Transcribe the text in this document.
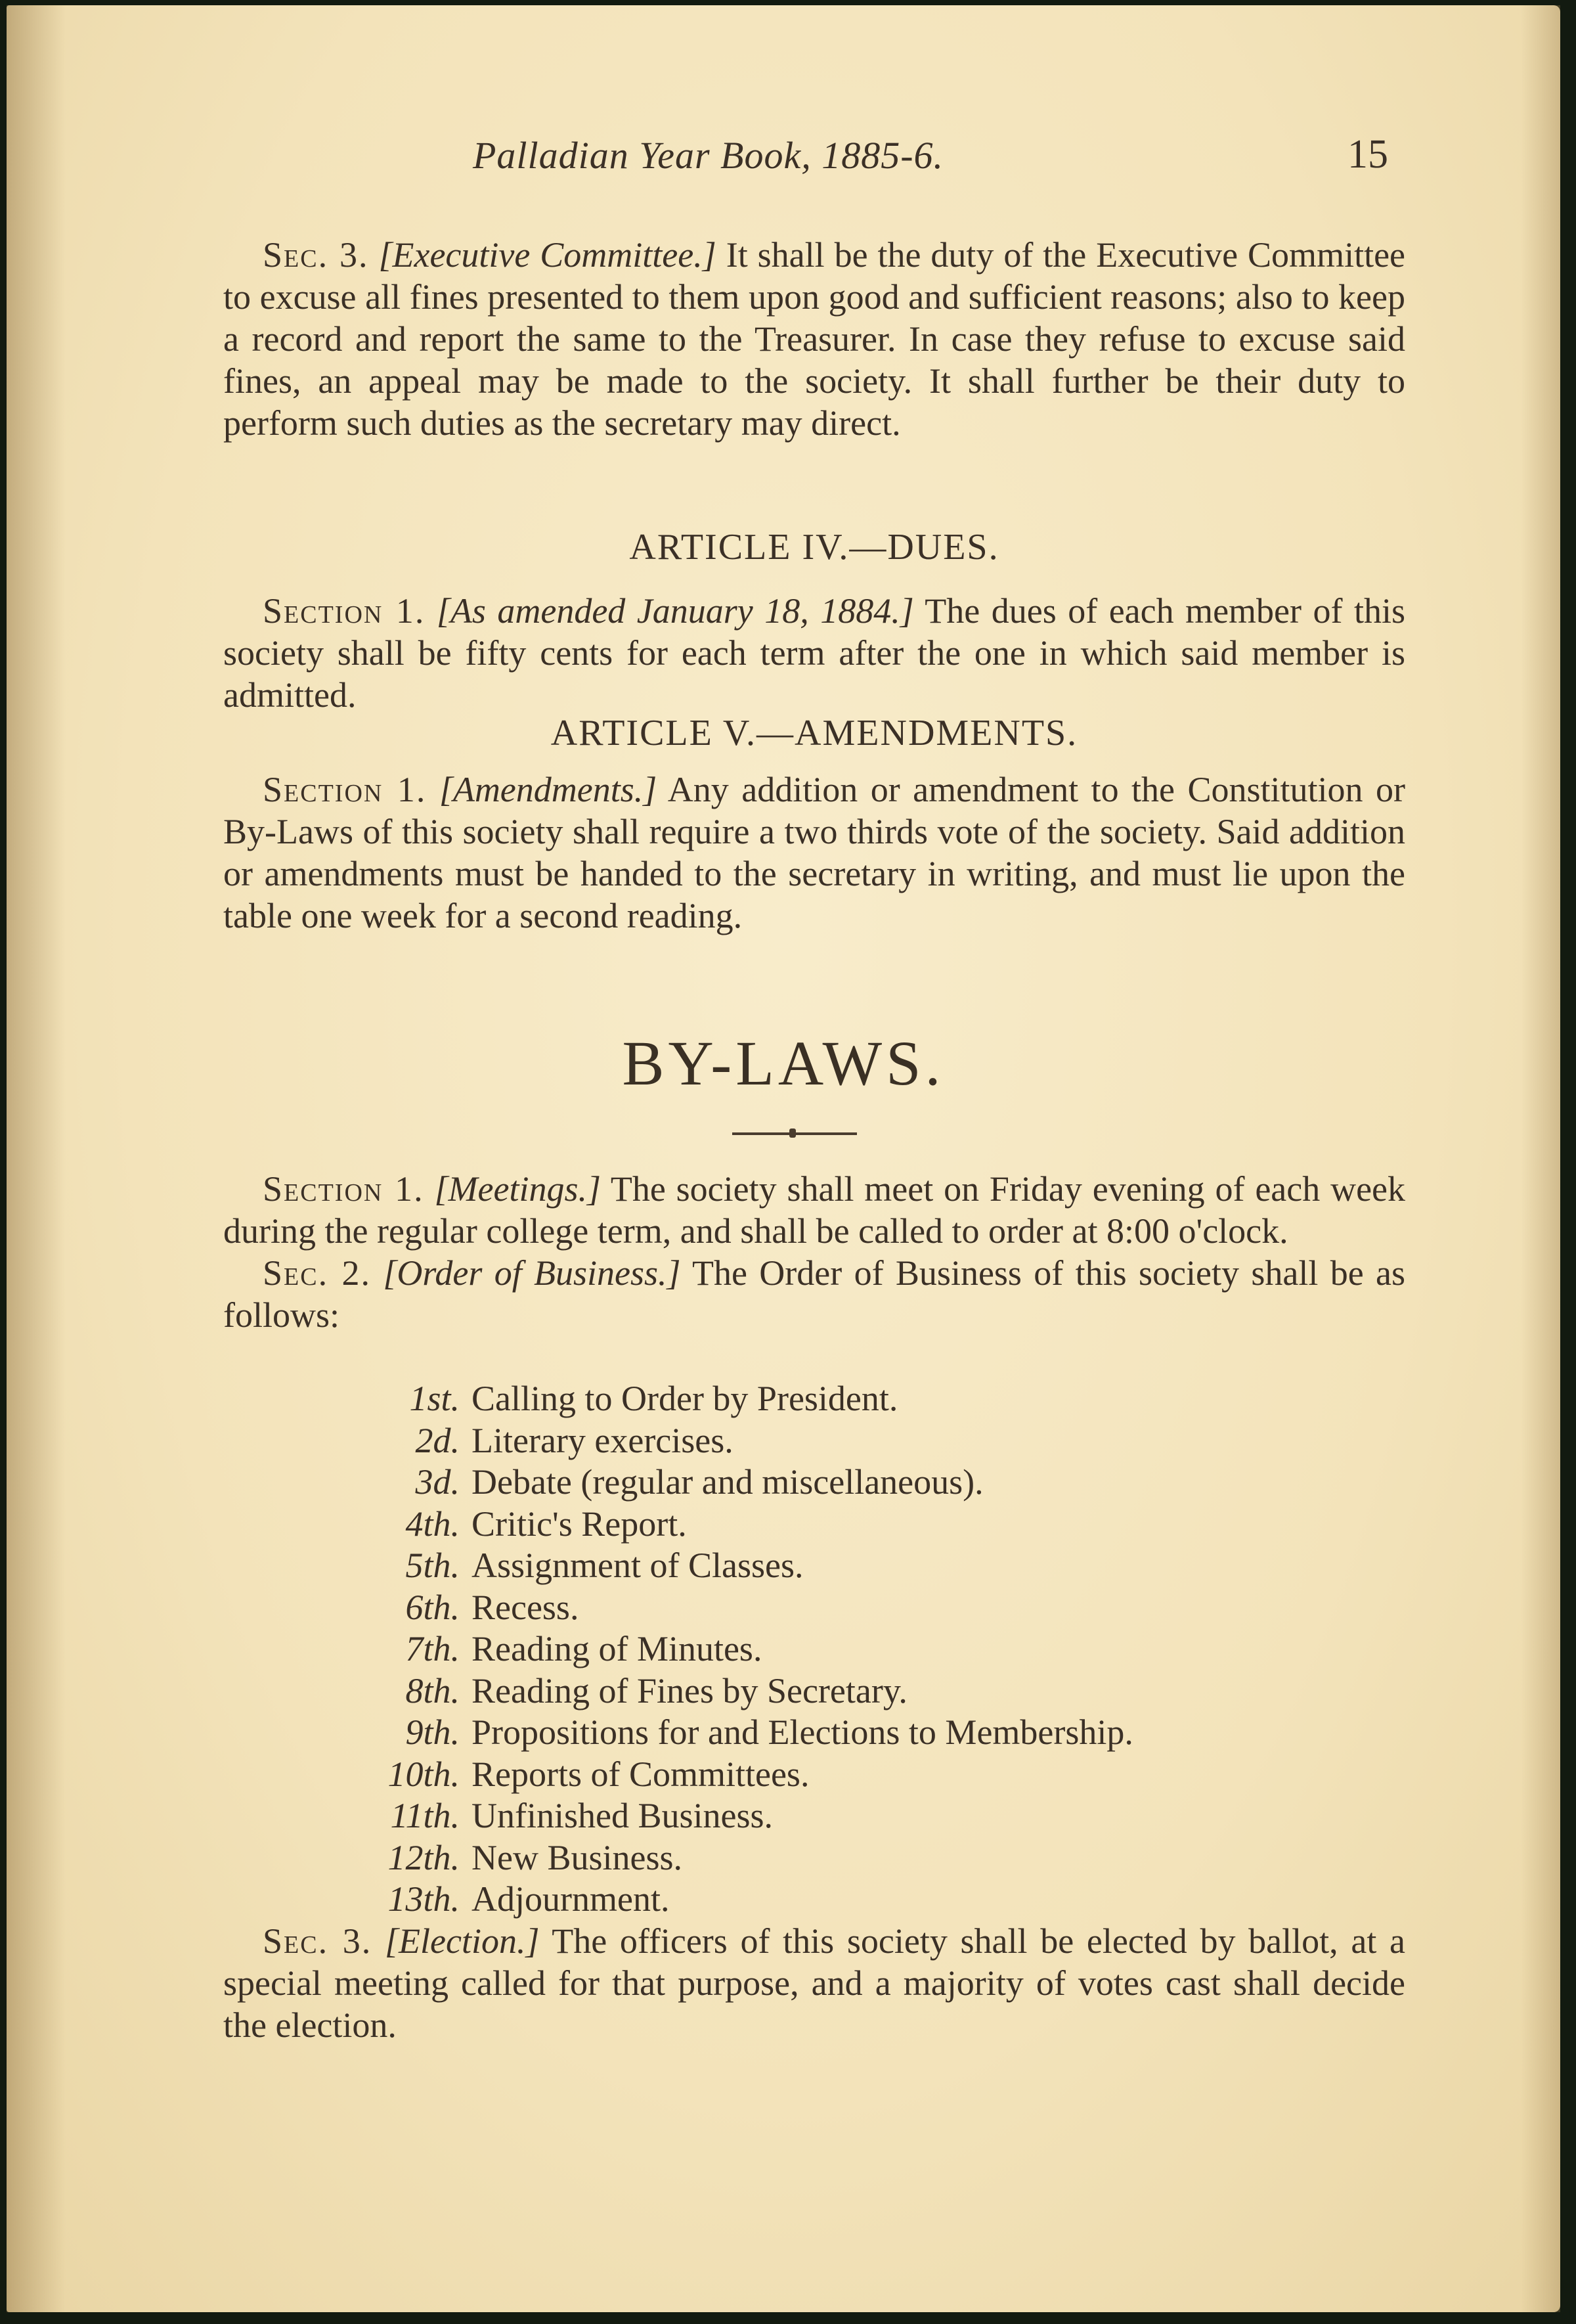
Palladian Year Book, 1885-6.	15

Sec. 3. [Executive Committee.] It shall be the duty of the Executive Committee to excuse all fines presented to them upon good and sufficient reasons; also to keep a record and report the same to the Treasurer. In case they refuse to excuse said fines, an appeal may be made to the society. It shall further be their duty to perform such duties as the secretary may direct.

ARTICLE IV.—DUES.

Section 1. [As amended January 18, 1884.] The dues of each member of this society shall be fifty cents for each term after the one in which said member is admitted.

ARTICLE V.—AMENDMENTS.

Section 1. [Amendments.] Any addition or amendment to the Constitution or By-Laws of this society shall require a two thirds vote of the society. Said addition or amendments must be handed to the secretary in writing, and must lie upon the table one week for a second reading.

BY-LAWS.

Section 1. [Meetings.] The society shall meet on Friday evening of each week during the regular college term, and shall be called to order at 8:00 o'clock.

Sec. 2. [Order of Business.] The Order of Business of this society shall be as follows:

1st. Calling to Order by President.
2d. Literary exercises.
3d. Debate (regular and miscellaneous).
4th. Critic's Report.
5th. Assignment of Classes.
6th. Recess.
7th. Reading of Minutes.
8th. Reading of Fines by Secretary.
9th. Propositions for and Elections to Membership.
10th. Reports of Committees.
11th. Unfinished Business.
12th. New Business.
13th. Adjournment.

Sec. 3. [Election.] The officers of this society shall be elected by ballot, at a special meeting called for that purpose, and a majority of votes cast shall decide the election.
